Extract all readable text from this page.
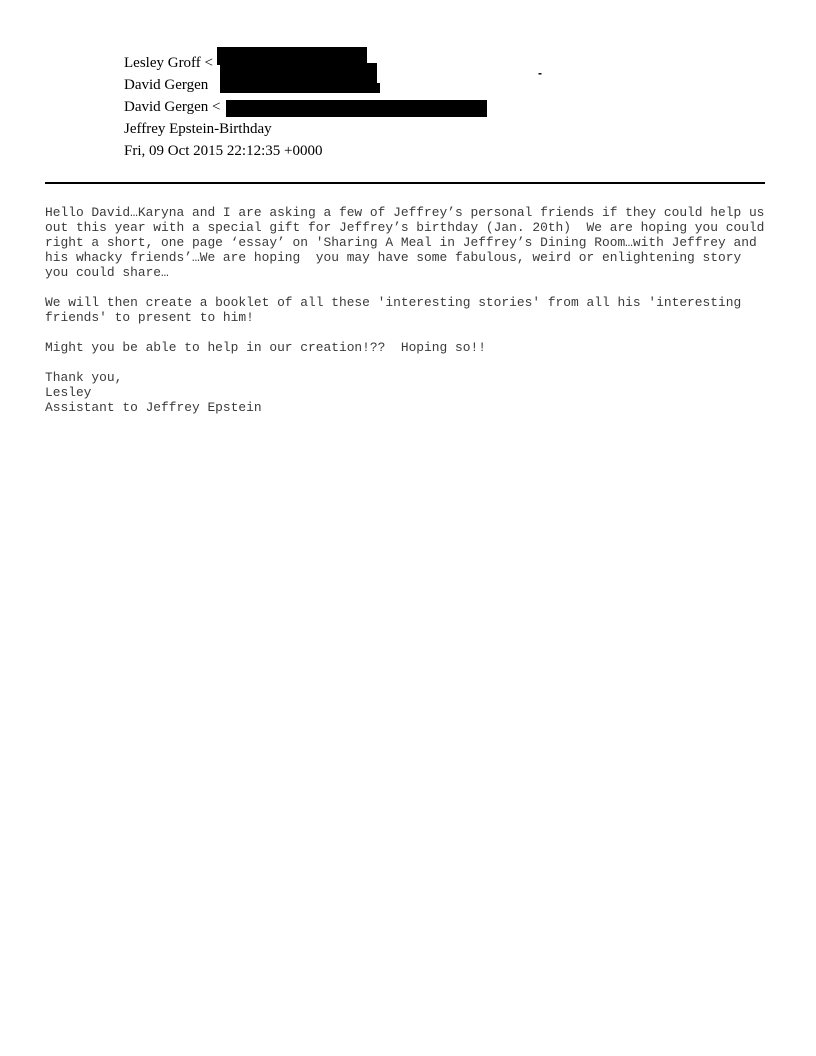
Lesley Groff <
David Gergen
David Gergen <
Jeffrey Epstein-Birthday
Fri, 09 Oct 2015 22:12:35 +0000
-

Hello David…Karyna and I are asking a few of Jeffrey’s personal friends if they could help us
out this year with a special gift for Jeffrey’s birthday (Jan. 20th)  We are hoping you could
right a short, one page ‘essay’ on 'Sharing A Meal in Jeffrey’s Dining Room…with Jeffrey and
his whacky friends’…We are hoping  you may have some fabulous, weird or enlightening story
you could share…

We will then create a booklet of all these 'interesting stories' from all his 'interesting
friends' to present to him!

Might you be able to help in our creation!??  Hoping so!!

Thank you,
Lesley
Assistant to Jeffrey Epstein
